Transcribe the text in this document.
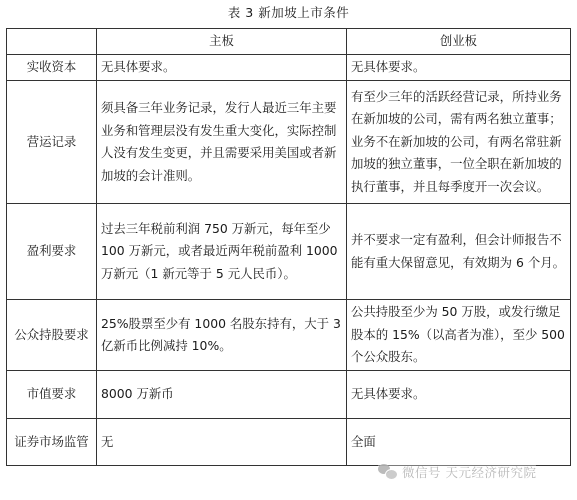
表 3 新加坡上市条件
	主板	创业板
实收资本	无具体要求。	无具体要求。
营运记录	须具备三年业务记录，发行人最近三年主要业务和管理层没有发生重大变化，实际控制人没有发生变更，并且需要采用美国或者新加坡的会计准则。	有至少三年的活跃经营记录，所持业务在新加坡的公司，需有两名独立董事；业务不在新加坡的公司，有两名常驻新加坡的独立董事，一位全职在新加坡的执行董事，并且每季度开一次会议。
盈利要求	过去三年税前利润 750 万新元，每年至少 100 万新元，或者最近两年税前盈利 1000 万新元（1 新元等于 5 元人民币）。	并不要求一定有盈利，但会计师报告不能有重大保留意见，有效期为 6 个月。
公众持股要求	25%股票至少有 1000 名股东持有，大于 3 亿新币比例减持 10%。	公共持股至少为 50 万股，或发行缴足股本的 15%（以高者为准），至少 500 个公众股东。
市值要求	8000 万新币	无具体要求。
证券市场监管	无	全面
微信号 天元经济研究院
